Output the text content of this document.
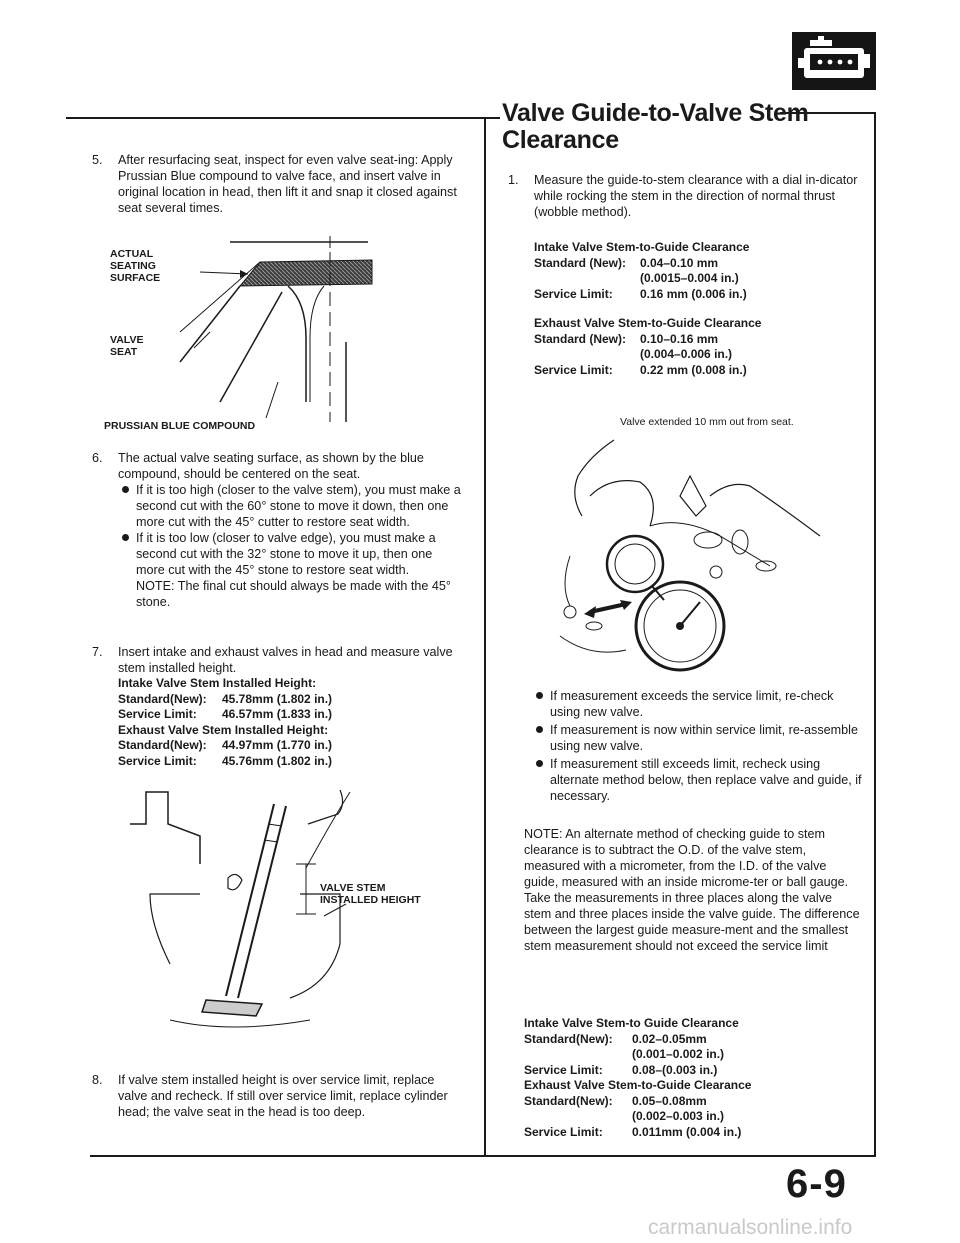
Valve Guide-to-Valve Stem
Clearance
5. After resurfacing seat, inspect for even valve seat-ing: Apply Prussian Blue compound to valve face, and insert valve in original location in head, then lift it and snap it closed against seat several times.
ACTUAL
SEATING
SURFACE
VALVE
SEAT
PRUSSIAN BLUE COMPOUND
6. The actual valve seating surface, as shown by the blue compound, should be centered on the seat.
If it is too high (closer to the valve stem), you must make a second cut with the 60° stone to move it down, then one more cut with the 45° cutter to restore seat width.
If it is too low (closer to valve edge), you must make a second cut with the 32° stone to move it up, then one more cut with the 45° stone to restore seat width.
NOTE: The final cut should always be made with the 45° stone.
7. Insert intake and exhaust valves in head and measure valve stem installed height.
Intake Valve Stem Installed Height:
Standard(New):	45.78mm (1.802 in.)
Service Limit:	46.57mm (1.833 in.)
Exhaust Valve Stem Installed Height:
Standard(New):	44.97mm (1.770 in.)
Service Limit:	45.76mm (1.802 in.)
VALVE STEM
INSTALLED HEIGHT
8. If valve stem installed height is over service limit, replace valve and recheck. If still over service limit, replace cylinder head; the valve seat in the head is too deep.
1. Measure the guide-to-stem clearance with a dial in-dicator while rocking the stem in the direction of normal thrust (wobble method).
Intake Valve Stem-to-Guide Clearance
Standard (New):	0.04–0.10 mm
(0.0015–0.004 in.)
Service Limit:	0.16 mm (0.006 in.)
Exhaust Valve Stem-to-Guide Clearance
Standard (New):	0.10–0.16 mm
(0.004–0.006 in.)
Service Limit:	0.22 mm (0.008 in.)
Valve extended 10 mm out from seat.
If measurement exceeds the service limit, re-check using new valve.
If measurement is now within service limit, re-assemble using new valve.
If measurement still exceeds limit, recheck using alternate method below, then replace valve and guide, if necessary.
NOTE: An alternate method of checking guide to stem clearance is to subtract the O.D. of the valve stem, measured with a micrometer, from the I.D. of the valve guide, measured with an inside microme-ter or ball gauge.
Take the measurements in three places along the valve stem and three places inside the valve guide. The difference between the largest guide measure-ment and the smallest stem measurement should not exceed the service limit
Intake Valve Stem-to Guide Clearance
Standard(New):	0.02–0.05mm
(0.001–0.002 in.)
Service Limit:	0.08–(0.003 in.)
Exhaust Valve Stem-to-Guide Clearance
Standard(New):	0.05–0.08mm
(0.002–0.003 in.)
Service Limit:	0.011mm (0.004 in.)
6-9
carmanualsonline.info
